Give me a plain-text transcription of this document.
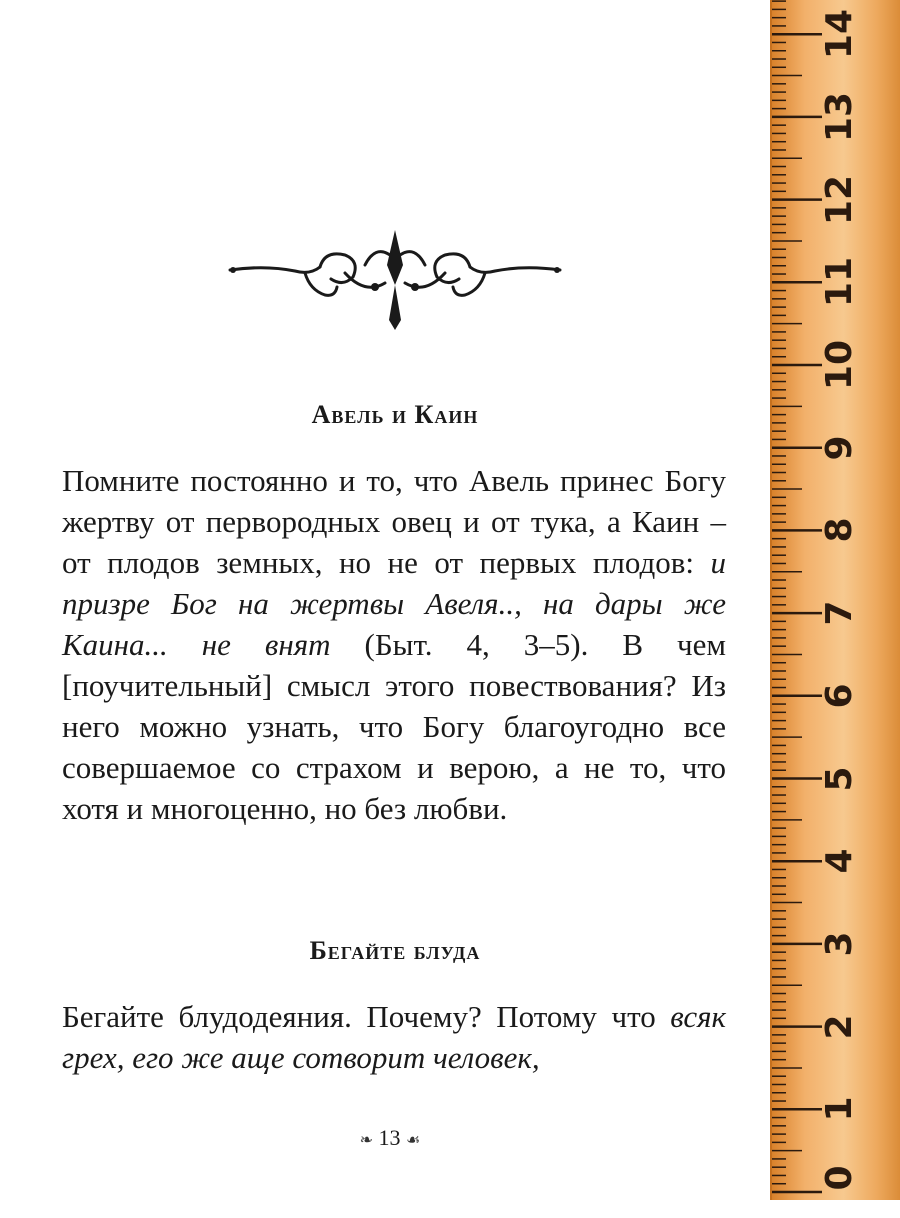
Авель и Каин

Помните постоянно и то, что Авель принес Богу жертву от первородных овец и от тука, а Каин – от плодов земных, но не от первых плодов: и призре Бог на жертвы Авеля.., на дары же Каина... не внят (Быт. 4, 3–5). В чем [поучительный] смысл этого повествования? Из него можно узнать, что Богу благоугодно все совершаемое со страхом и верою, а не то, что хотя и многоценно, но без любви.

Бегайте блуда

Бегайте блудодеяния. Почему? Потому что всяк грех, его же аще сотворит человек,

❧ 13 ☙
14
13
12
11
10
9
8
7
6
5
4
3
2
1
0
